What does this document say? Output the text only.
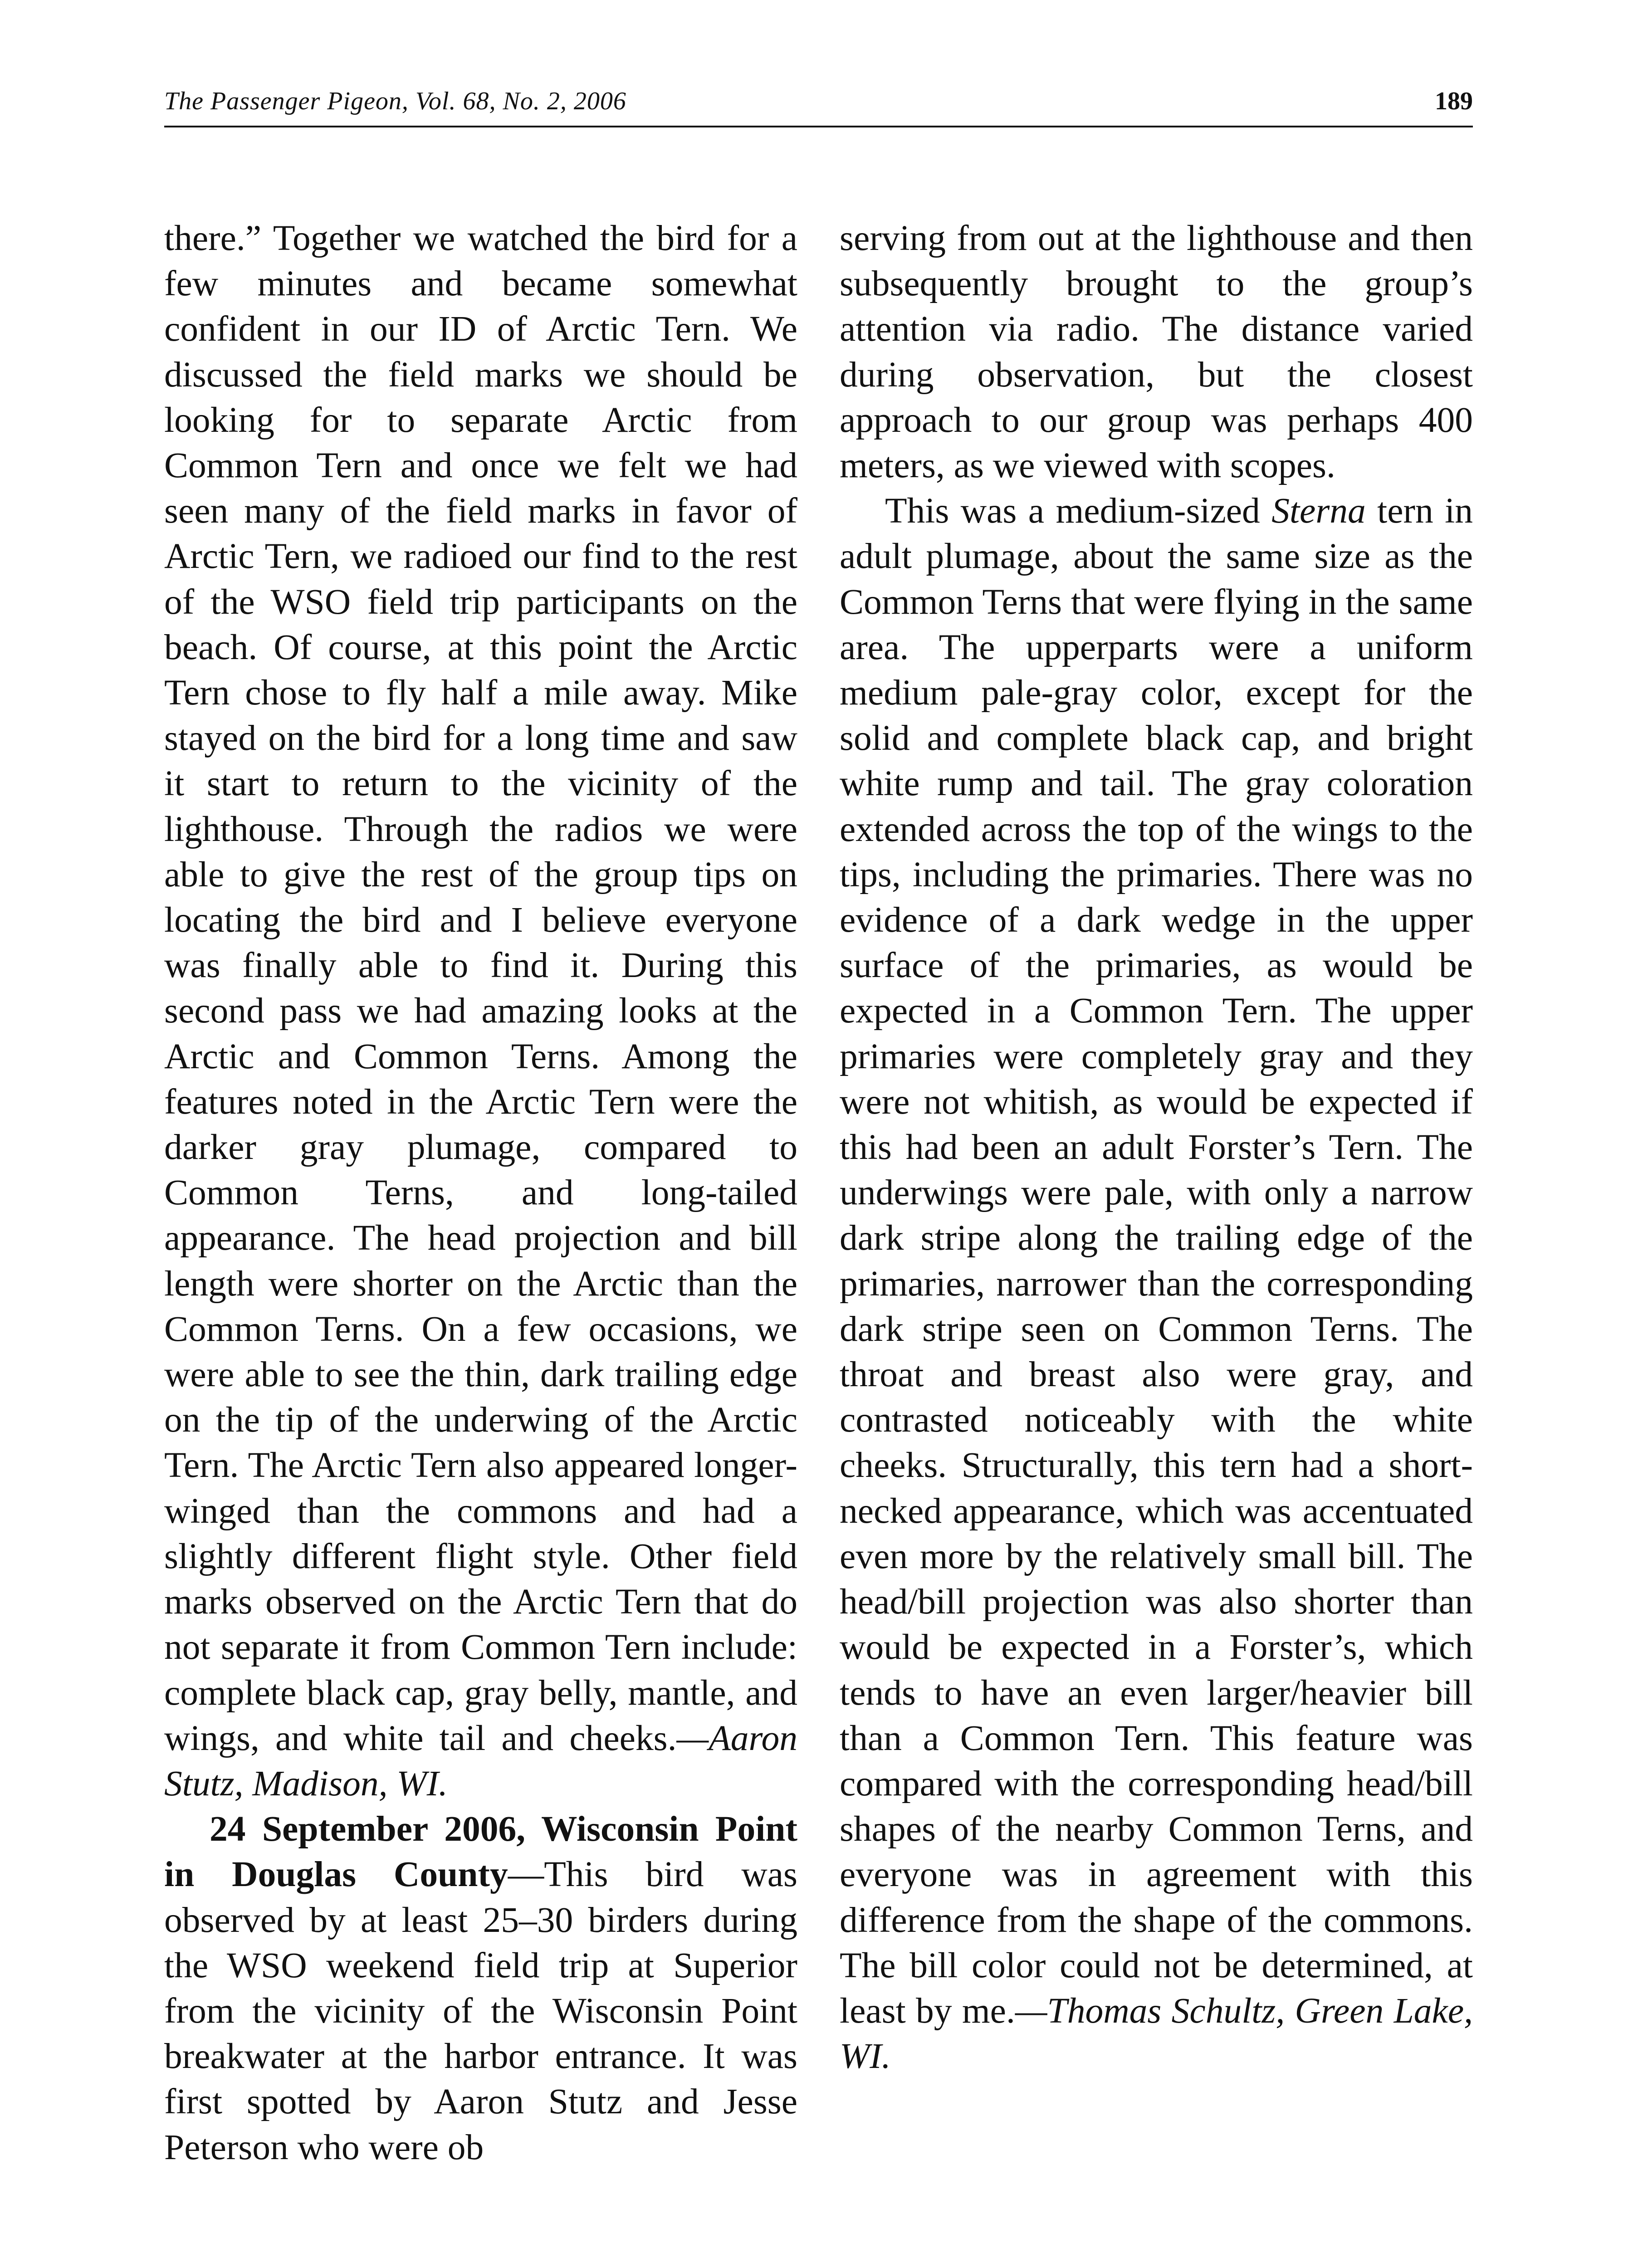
The Passenger Pigeon, Vol. 68, No. 2, 2006	189

there.” Together we watched the bird for a few minutes and became somewhat confident in our ID of Arctic Tern. We discussed the field marks we should be looking for to separate Arctic from Common Tern and once we felt we had seen many of the field marks in favor of Arctic Tern, we radioed our find to the rest of the WSO field trip participants on the beach. Of course, at this point the Arctic Tern chose to fly half a mile away. Mike stayed on the bird for a long time and saw it start to return to the vicinity of the lighthouse. Through the radios we were able to give the rest of the group tips on locating the bird and I believe everyone was finally able to find it. During this second pass we had amazing looks at the Arctic and Common Terns. Among the features noted in the Arctic Tern were the darker gray plumage, compared to Common Terns, and long-tailed appearance. The head projection and bill length were shorter on the Arctic than the Common Terns. On a few occasions, we were able to see the thin, dark trailing edge on the tip of the underwing of the Arctic Tern. The Arctic Tern also appeared longer-winged than the commons and had a slightly different flight style. Other field marks observed on the Arctic Tern that do not separate it from Common Tern include: complete black cap, gray belly, mantle, and wings, and white tail and cheeks.—Aaron Stutz, Madison, WI.

24 September 2006, Wisconsin Point in Douglas County—This bird was observed by at least 25–30 birders during the WSO weekend field trip at Superior from the vicinity of the Wisconsin Point breakwater at the harbor entrance. It was first spotted by Aaron Stutz and Jesse Peterson who were ob

serving from out at the lighthouse and then subsequently brought to the group’s attention via radio. The distance varied during observation, but the closest approach to our group was perhaps 400 meters, as we viewed with scopes.

This was a medium-sized Sterna tern in adult plumage, about the same size as the Common Terns that were flying in the same area. The upperparts were a uniform medium pale-gray color, except for the solid and complete black cap, and bright white rump and tail. The gray coloration extended across the top of the wings to the tips, including the primaries. There was no evidence of a dark wedge in the upper surface of the primaries, as would be expected in a Common Tern. The upper primaries were completely gray and they were not whitish, as would be expected if this had been an adult Forster’s Tern. The underwings were pale, with only a narrow dark stripe along the trailing edge of the primaries, narrower than the corresponding dark stripe seen on Common Terns. The throat and breast also were gray, and contrasted noticeably with the white cheeks. Structurally, this tern had a short-necked appearance, which was accentuated even more by the relatively small bill. The head/bill projection was also shorter than would be expected in a Forster’s, which tends to have an even larger/heavier bill than a Common Tern. This feature was compared with the corresponding head/bill shapes of the nearby Common Terns, and everyone was in agreement with this difference from the shape of the commons. The bill color could not be determined, at least by me.—Thomas Schultz, Green Lake, WI.
